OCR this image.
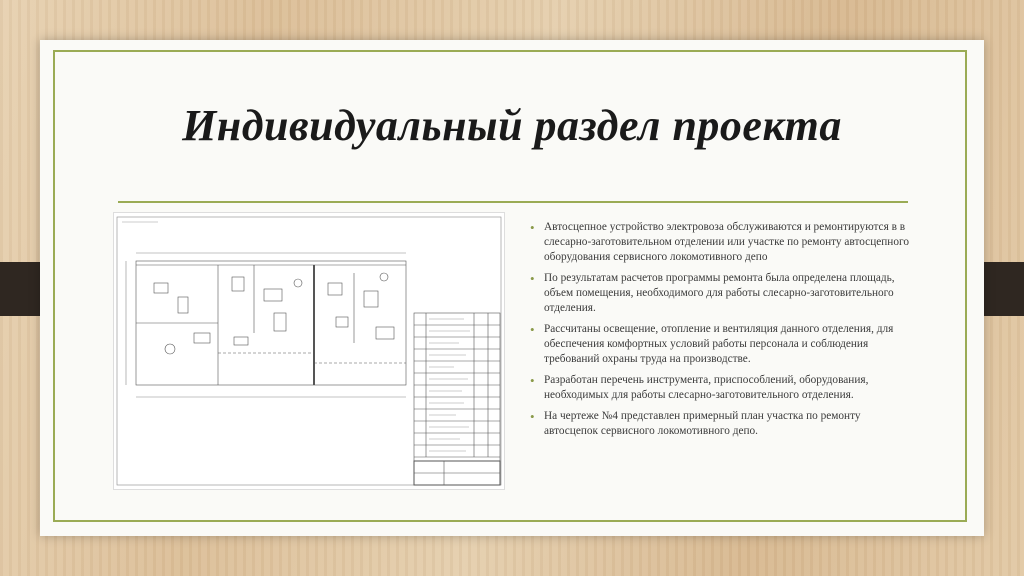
Индивидуальный раздел проекта
• Автосцепное устройство электровоза обслуживаются и ремонтируются в в слесарно-заготовительном отделении или участке по ремонту автосцепного оборудования сервисного локомотивного депо
• По результатам расчетов программы ремонта была определена площадь, объем помещения, необходимого для работы слесарно-заготовительного отделения.
• Рассчитаны освещение, отопление и вентиляция данного отделения, для обеспечения комфортных условий работы персонала и соблюдения требований охраны труда на производстве.
• Разработан перечень инструмента, приспособлений, оборудования, необходимых для работы слесарно-заготовительного отделения.
• На чертеже №4 представлен примерный план участка по ремонту автосцепок сервисного локомотивного депо.
